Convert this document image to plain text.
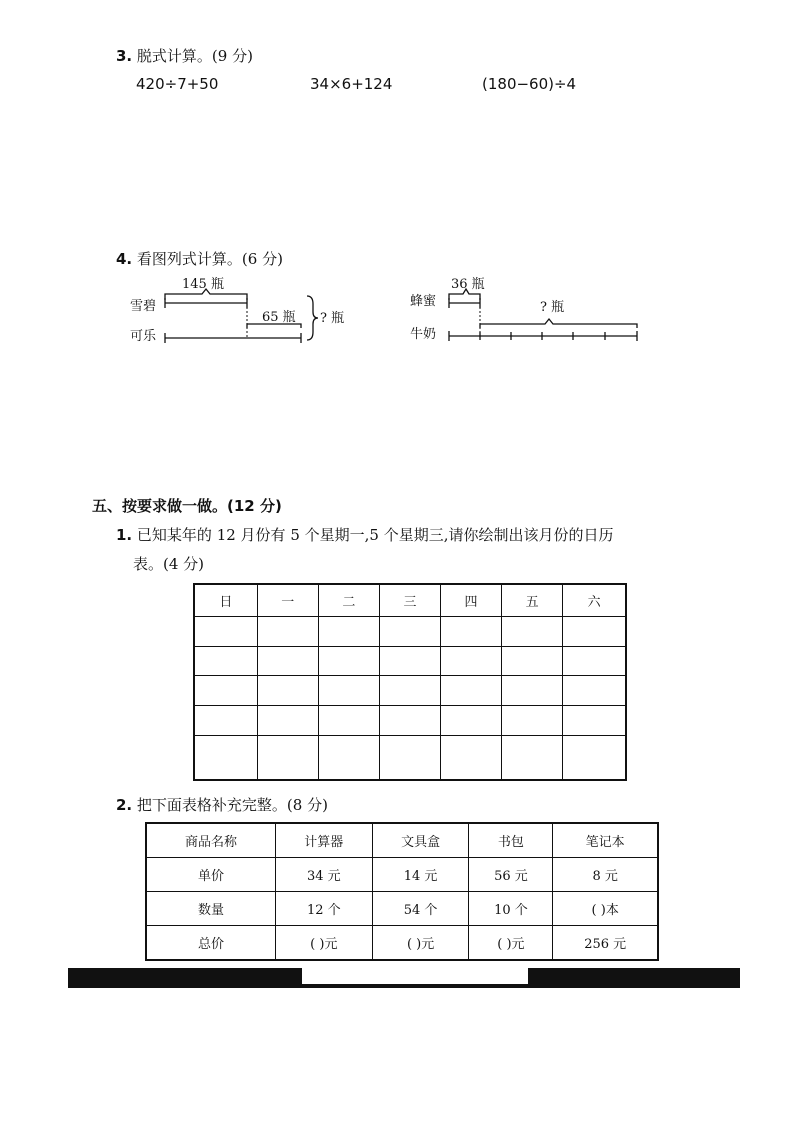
3. 脱式计算。(9 分)
420÷7+50	34×6+124	(180−60)÷4
4. 看图列式计算。(6 分)
145 瓶
雪碧
65 瓶
可乐
? 瓶
36 瓶
蜂蜜	? 瓶
牛奶
五、按要求做一做。(12 分)
1. 已知某年的 12 月份有 5 个星期一,5 个星期三,请你绘制出该月份的日历
表。(4 分)
日	一	二	三	四	五	六

2. 把下面表格补充完整。(8 分)
商品名称	计算器	文具盒	书包	笔记本
单价	34 元	14 元	56 元	8 元
数量	12 个	54 个	10 个	( )本
总价	( )元	( )元	( )元	256 元
